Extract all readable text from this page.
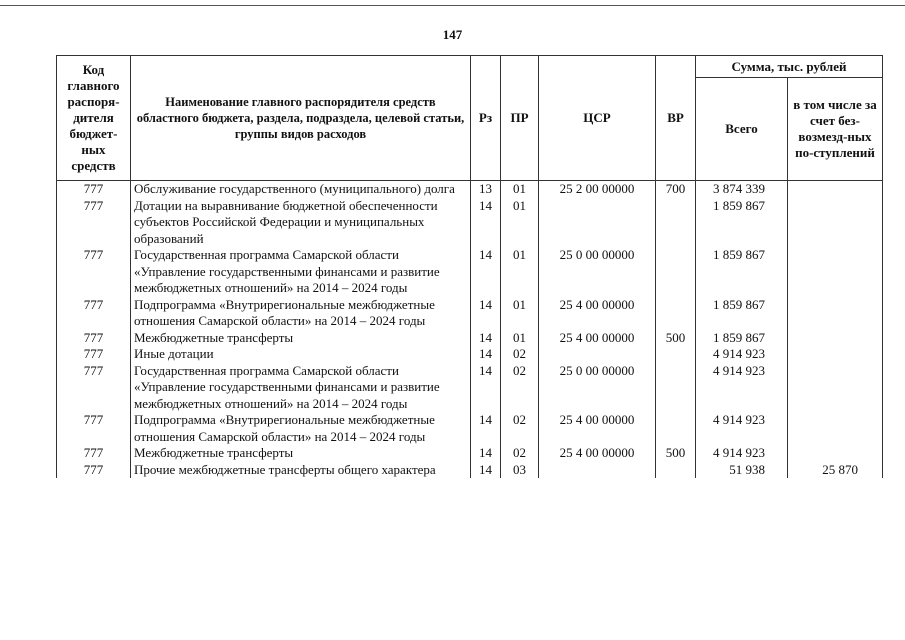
147
Код главного распоря-дителя бюджет-ных средств	Наименование главного распорядителя средств областного бюджета, раздела, подраздела, целевой статьи, группы видов расходов	Рз	ПР	ЦСР	ВР	Сумма, тыс. рублей	
						Всего	в том числе за счет без-возмезд-ных по-ступлений
777	Обслуживание государственного (муниципального) долга	13	01	25 2 00 00000	700	3 874 339	
777	Дотации на выравнивание бюджетной обеспеченности субъектов Российской Федерации и муниципальных образований	14	01			1 859 867	
777	Государственная программа Самарской области «Управление государственными финансами и развитие межбюджетных отношений» на 2014 – 2024 годы	14	01	25 0 00 00000		1 859 867	
777	Подпрограмма «Внутрирегиональные межбюджетные отношения Самарской области» на 2014 – 2024 годы	14	01	25 4 00 00000		1 859 867	
777	Межбюджетные трансферты	14	01	25 4 00 00000	500	1 859 867	
777	Иные дотации	14	02			4 914 923	
777	Государственная программа Самарской области «Управление государственными финансами и развитие межбюджетных отношений» на 2014 – 2024 годы	14	02	25 0 00 00000		4 914 923	
777	Подпрограмма «Внутрирегиональные межбюджетные отношения Самарской области» на 2014 – 2024 годы	14	02	25 4 00 00000		4 914 923	
777	Межбюджетные трансферты	14	02	25 4 00 00000	500	4 914 923	
777	Прочие межбюджетные трансферты общего характера	14	03			51 938	25 870
